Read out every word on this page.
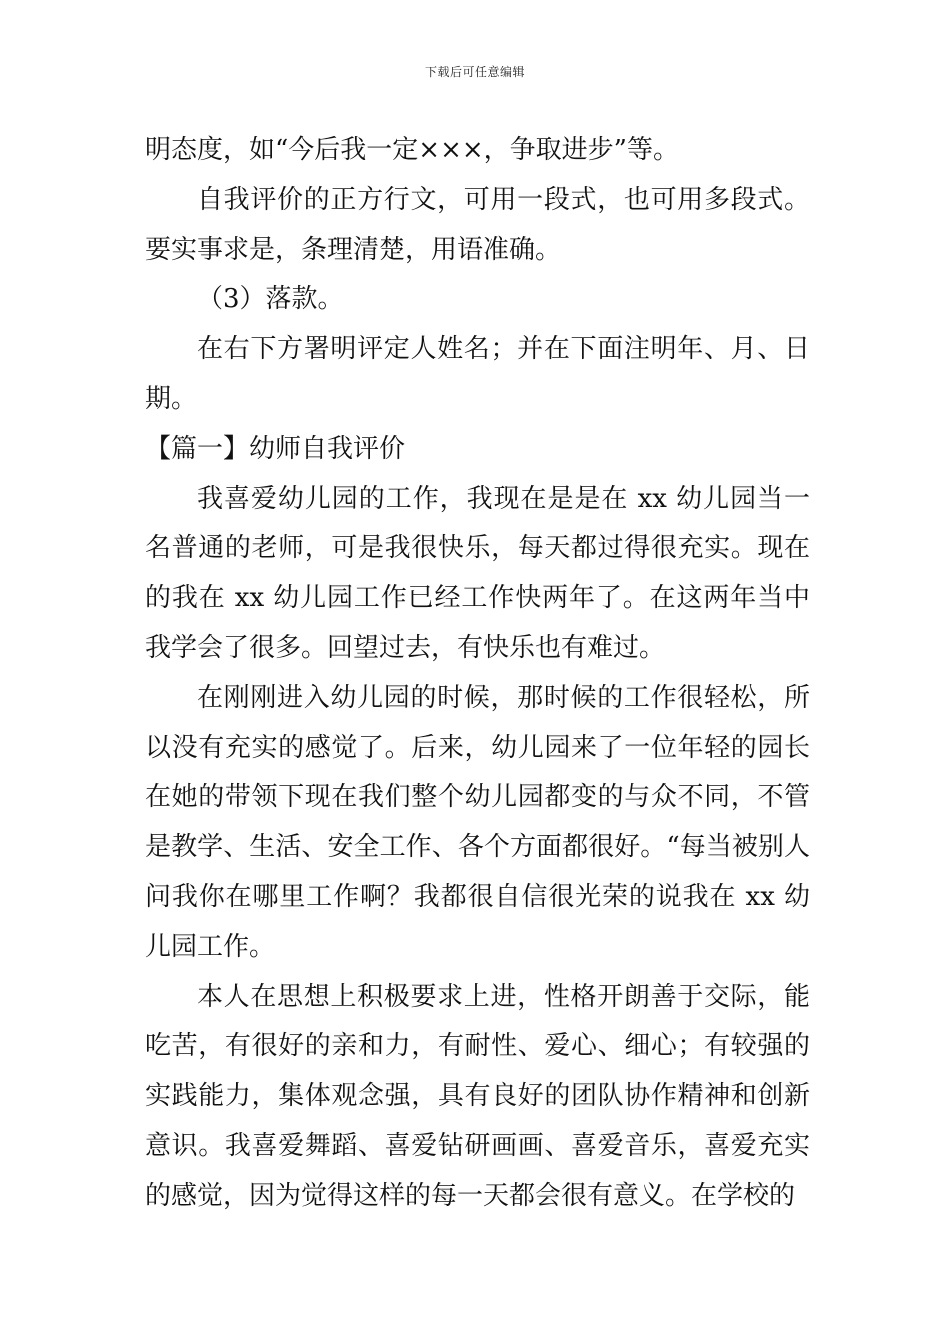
下载后可任意编辑

明态度，如“今后我一定×××，争取进步”等。

自我评价的正方行文，可用一段式，也可用多段式。要实事求是，条理清楚，用语准确。

（3）落款。

在右下方署明评定人姓名；并在下面注明年、月、日期。

【篇一】幼师自我评价

我喜爱幼儿园的工作，我现在是是在 xx 幼儿园当一名普通的老师，可是我很快乐，每天都过得很充实。现在的我在 xx 幼儿园工作已经工作快两年了。在这两年当中我学会了很多。回望过去，有快乐也有难过。

在刚刚进入幼儿园的时候，那时候的工作很轻松，所以没有充实的感觉了。后来，幼儿园来了一位年轻的园长在她的带领下现在我们整个幼儿园都变的与众不同，不管是教学、生活、安全工作、各个方面都很好。“每当被别人问我你在哪里工作啊？我都很自信很光荣的说我在 xx 幼儿园工作。

本人在思想上积极要求上进，性格开朗善于交际，能吃苦，有很好的亲和力，有耐性、爱心、细心；有较强的实践能力，集体观念强，具有良好的团队协作精神和创新意识。我喜爱舞蹈、喜爱钻研画画、喜爱音乐，喜爱充实的感觉，因为觉得这样的每一天都会很有意义。在学校的
